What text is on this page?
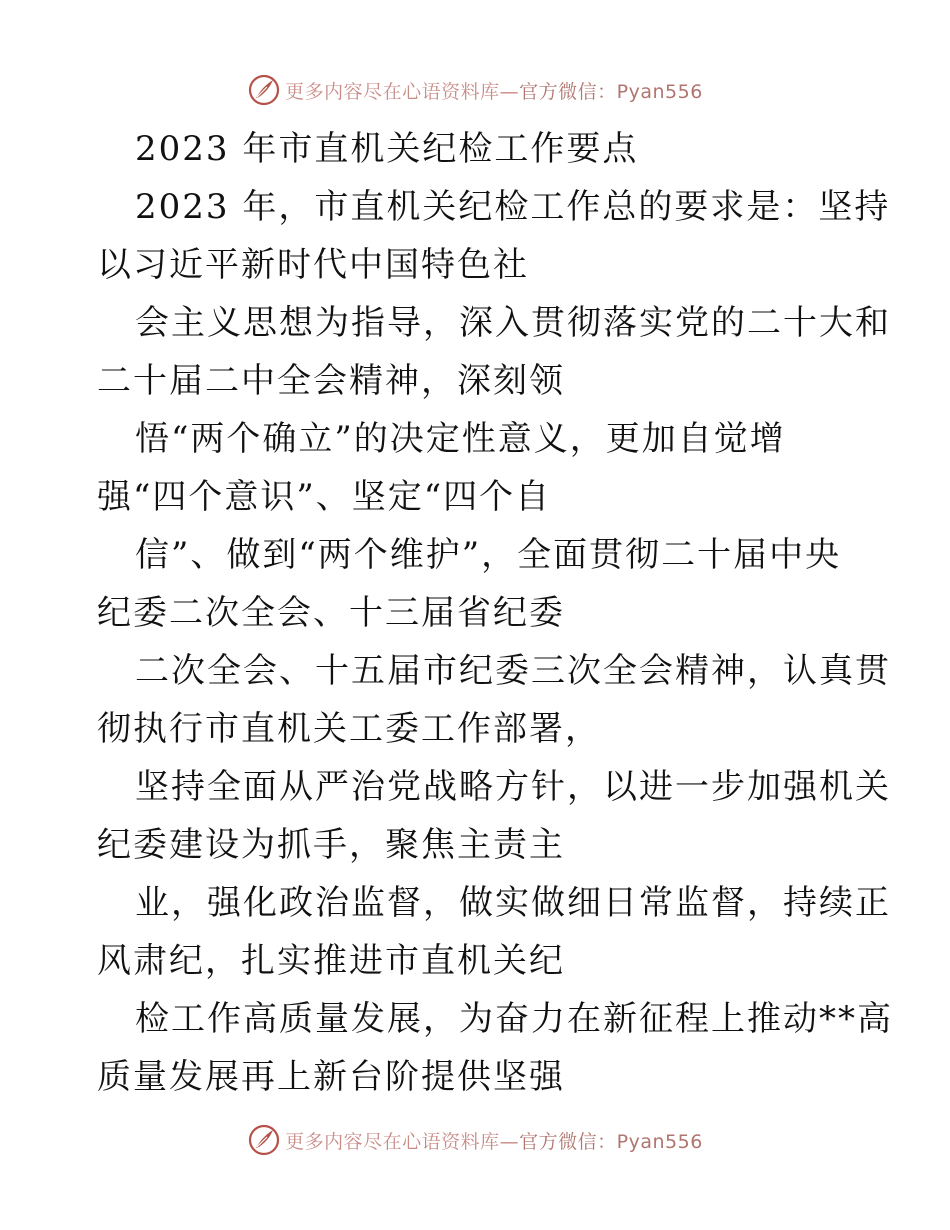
更多内容尽在心语资料库—官方微信：Pyan556

2023 年市直机关纪检工作要点

2023 年，市直机关纪检工作总的要求是：坚持

以习近平新时代中国特色社

会主义思想为指导，深入贯彻落实党的二十大和

二十届二中全会精神，深刻领

悟“两个确立”的决定性意义，更加自觉增

强“四个意识”、坚定“四个自

信”、做到“两个维护”，全面贯彻二十届中央

纪委二次全会、十三届省纪委

二次全会、十五届市纪委三次全会精神，认真贯

彻执行市直机关工委工作部署，

坚持全面从严治党战略方针，以进一步加强机关

纪委建设为抓手，聚焦主责主

业，强化政治监督，做实做细日常监督，持续正

风肃纪，扎实推进市直机关纪

检工作高质量发展，为奋力在新征程上推动**高

质量发展再上新台阶提供坚强

更多内容尽在心语资料库—官方微信：Pyan556
